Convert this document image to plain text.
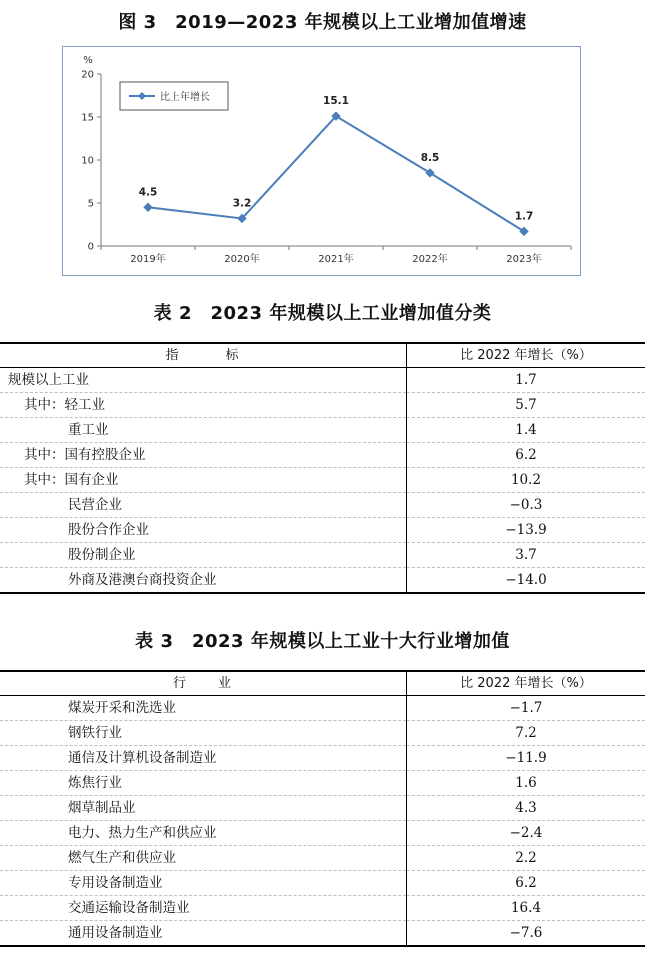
图 3　2019—2023 年规模以上工业增加值增速
0
5
10
15
20
%
2019年	2020年	2021年	2022年	2023年
4.5
3.2
15.1
8.5
1.7
比上年增长
表 2　2023 年规模以上工业增加值分类
指　　　标	比 2022 年增长（%）
规模以上工业	1.7
其中：轻工业	5.7
重工业	1.4
其中：国有控股企业	6.2
其中：国有企业	10.2
民营企业	−0.3
股份合作企业	−13.9
股份制企业	3.7
外商及港澳台商投资企业	−14.0
表 3　2023 年规模以上工业十大行业增加值
行　　业	比 2022 年增长（%）
煤炭开采和洗选业	−1.7
钢铁行业	7.2
通信及计算机设备制造业	−11.9
炼焦行业	1.6
烟草制品业	4.3
电力、热力生产和供应业	−2.4
燃气生产和供应业	2.2
专用设备制造业	6.2
交通运输设备制造业	16.4
通用设备制造业	−7.6
